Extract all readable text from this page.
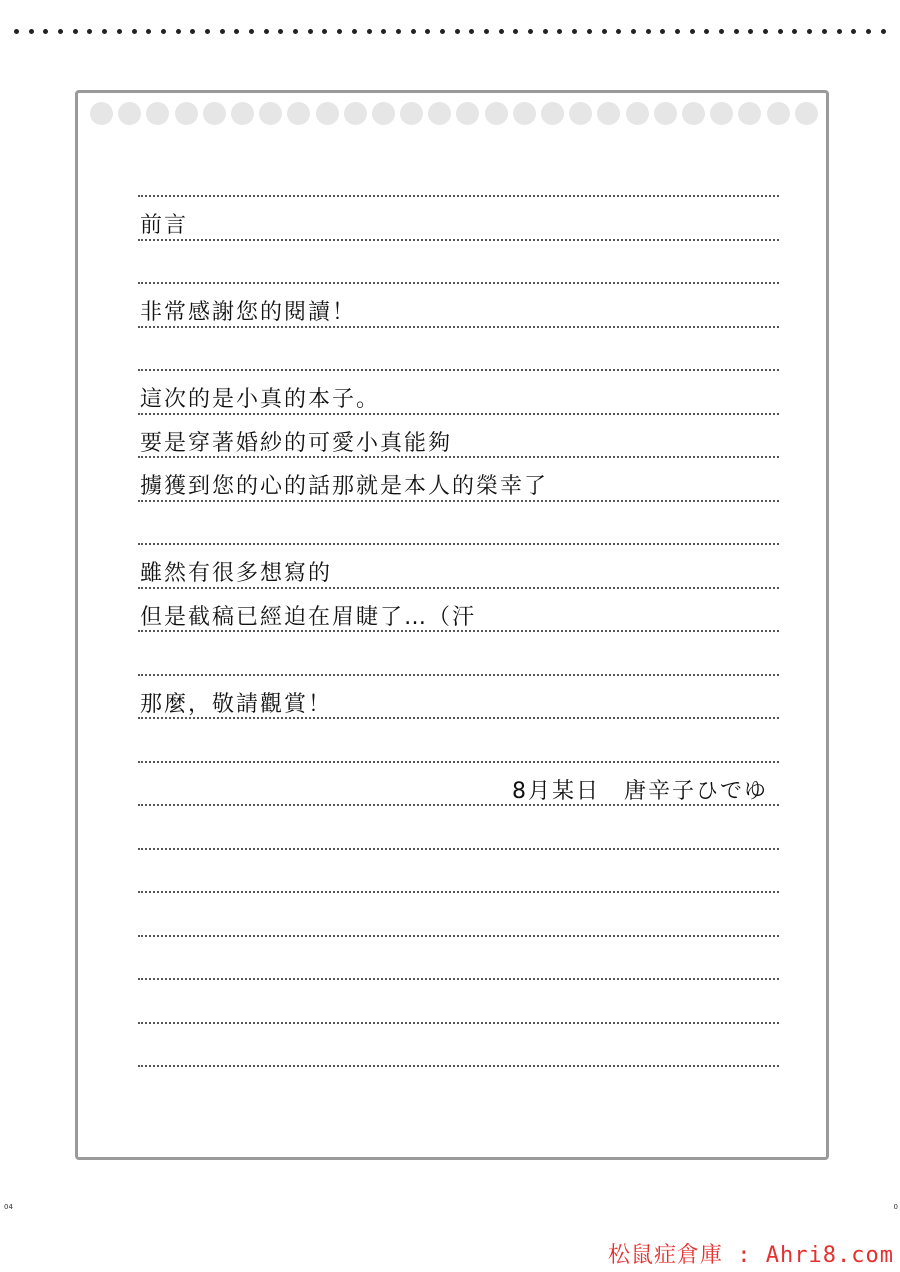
前言
非常感謝您的閱讀！
這次的是小真的本子。
要是穿著婚紗的可愛小真能夠
擄獲到您的心的話那就是本人的榮幸了
雖然有很多想寫的
但是截稿已經迫在眉睫了…（汗
那麼，敬請觀賞！
8月某日　唐辛子ひでゆ
04	0
松鼠症倉庫 : Ahri8.com
